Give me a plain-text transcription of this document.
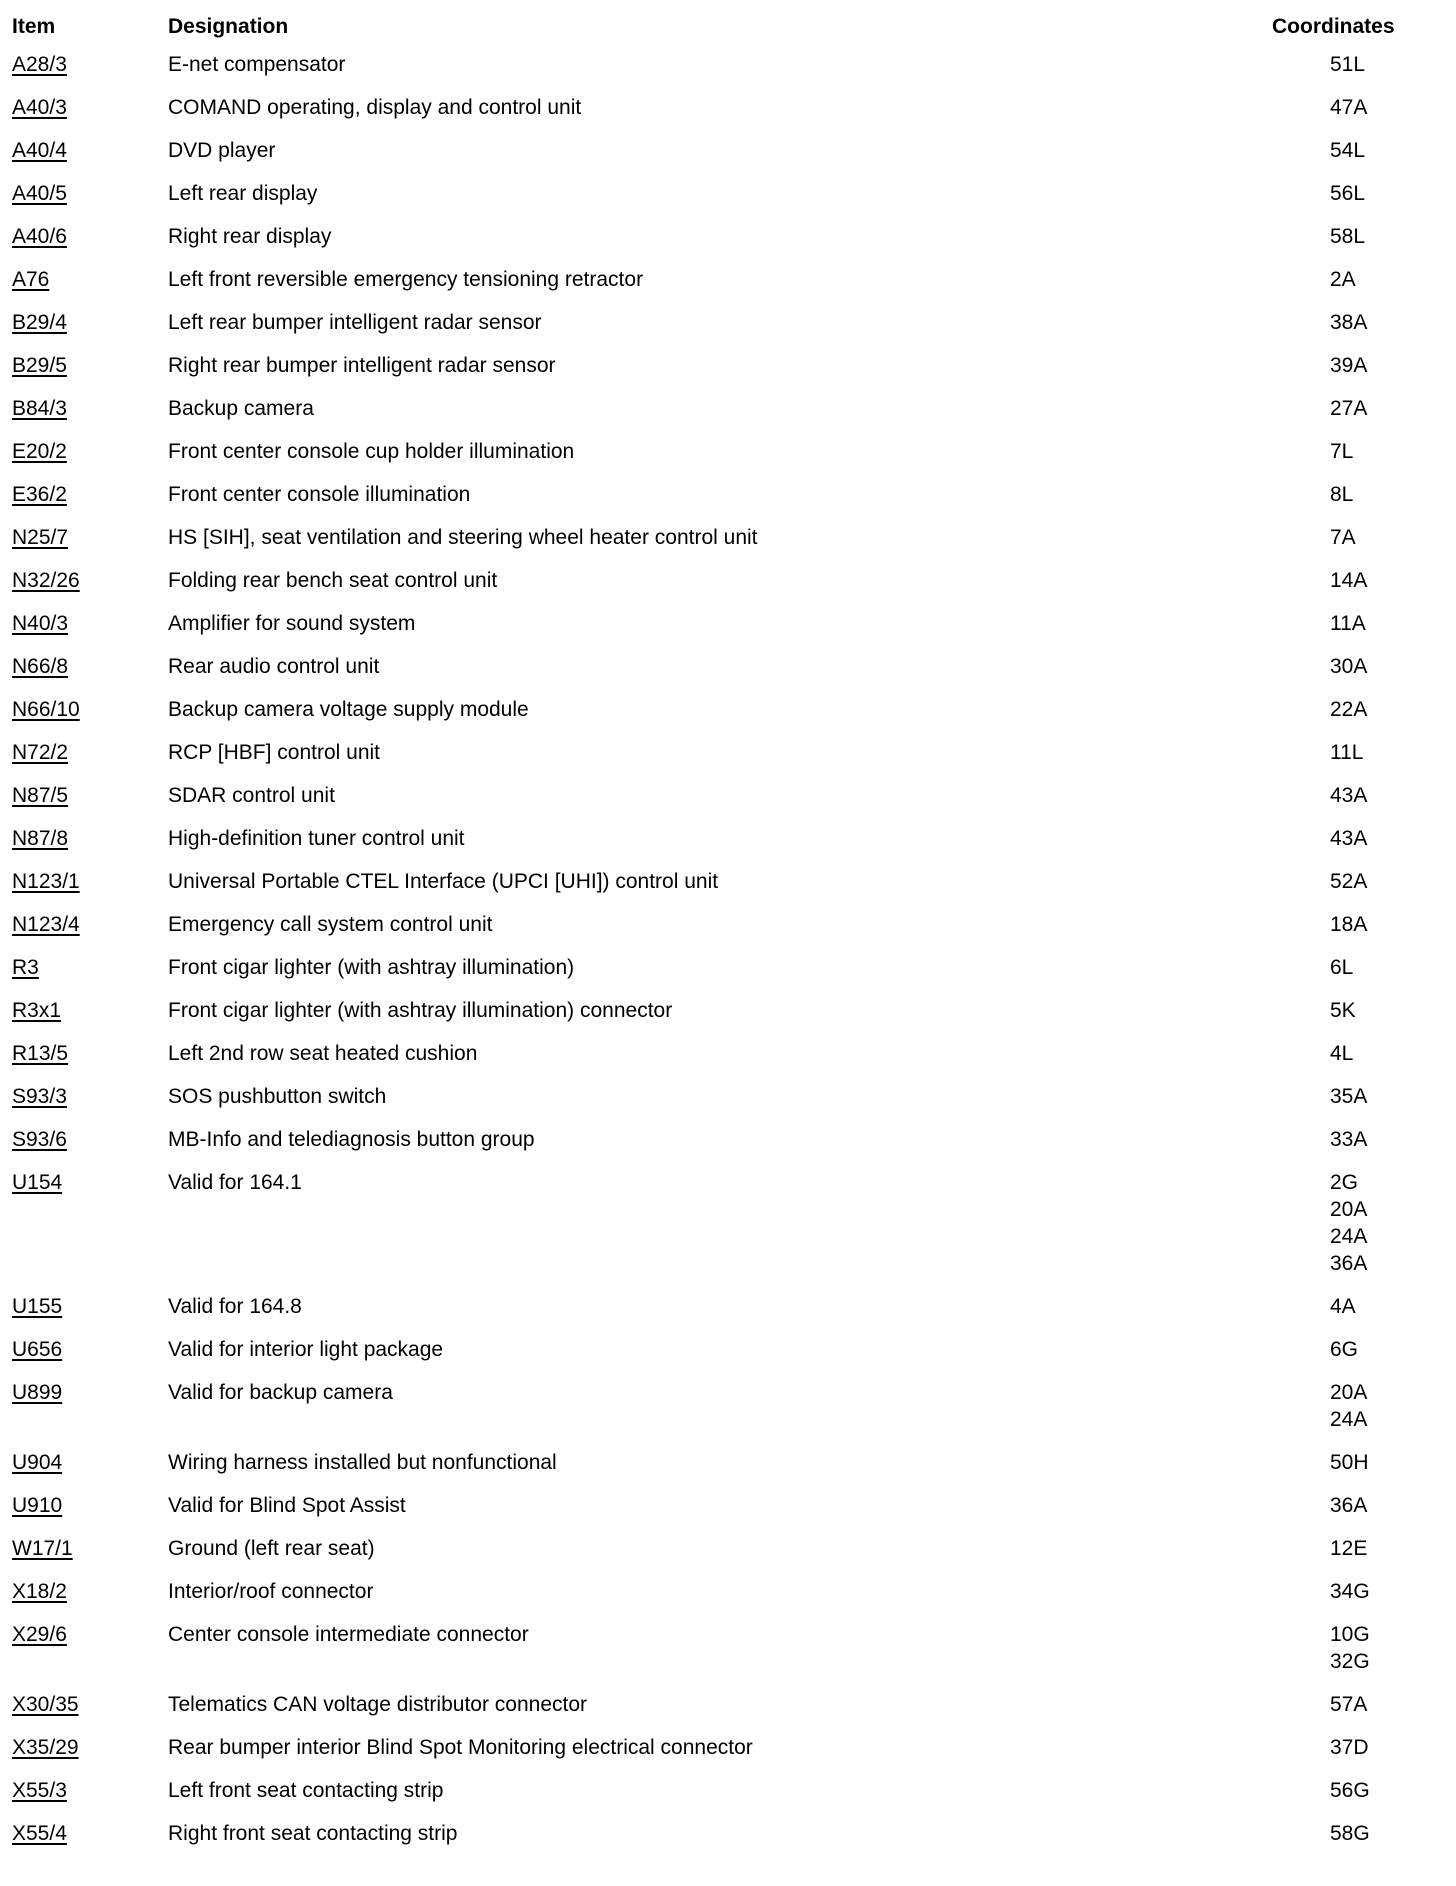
Item	Designation	Coordinates
A28/3	E-net compensator	51L

A40/3	COMAND operating, display and control unit	47A

A40/4	DVD player	54L

A40/5	Left rear display	56L

A40/6	Right rear display	58L

A76	Left front reversible emergency tensioning retractor	2A

B29/4	Left rear bumper intelligent radar sensor	38A

B29/5	Right rear bumper intelligent radar sensor	39A

B84/3	Backup camera	27A

E20/2	Front center console cup holder illumination	7L

E36/2	Front center console illumination	8L

N25/7	HS [SIH], seat ventilation and steering wheel heater control unit	7A

N32/26	Folding rear bench seat control unit	14A

N40/3	Amplifier for sound system	11A

N66/8	Rear audio control unit	30A

N66/10	Backup camera voltage supply module	22A

N72/2	RCP [HBF] control unit	11L

N87/5	SDAR control unit	43A

N87/8	High-definition tuner control unit	43A

N123/1	Universal Portable CTEL Interface (UPCI [UHI]) control unit	52A

N123/4	Emergency call system control unit	18A

R3	Front cigar lighter (with ashtray illumination)	6L

R3x1	Front cigar lighter (with ashtray illumination) connector	5K

R13/5	Left 2nd row seat heated cushion	4L

S93/3	SOS pushbutton switch	35A

S93/6	MB-Info and telediagnosis button group	33A

U154	Valid for 164.1	2G
20A
24A
36A

U155	Valid for 164.8	4A

U656	Valid for interior light package	6G

U899	Valid for backup camera	20A
24A

U904	Wiring harness installed but nonfunctional	50H

U910	Valid for Blind Spot Assist	36A

W17/1	Ground (left rear seat)	12E

X18/2	Interior/roof connector	34G

X29/6	Center console intermediate connector	10G
32G

X30/35	Telematics CAN voltage distributor connector	57A

X35/29	Rear bumper interior Blind Spot Monitoring electrical connector	37D

X55/3	Left front seat contacting strip	56G

X55/4	Right front seat contacting strip	58G
